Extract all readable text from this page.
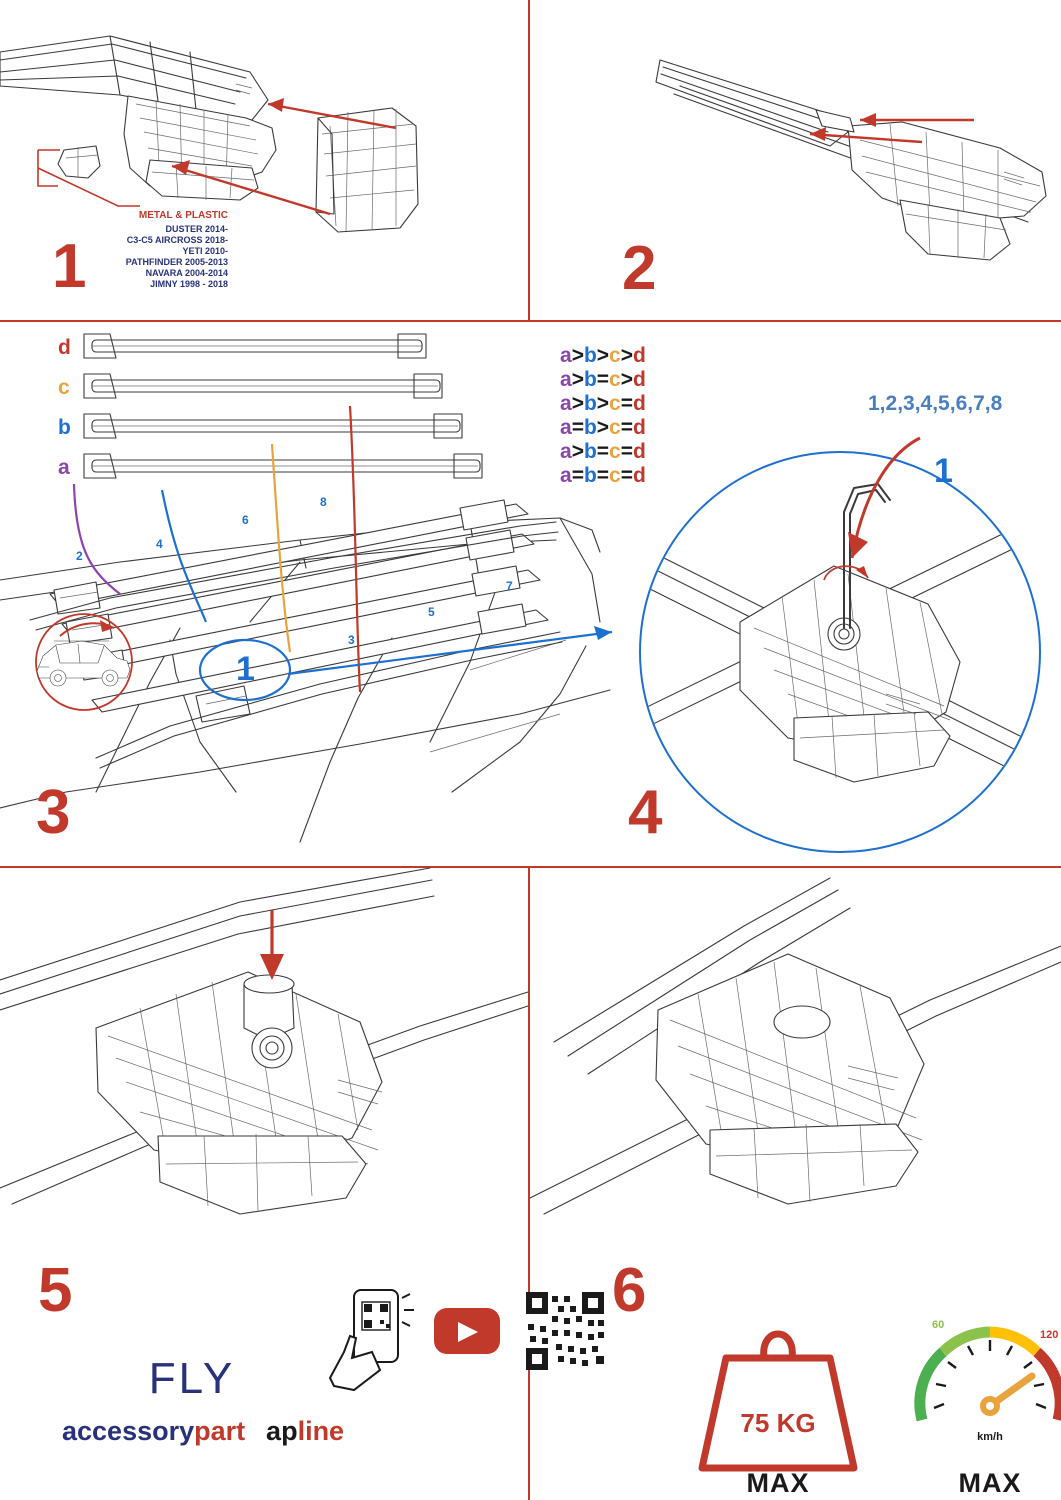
METAL & PLASTIC
DUSTER 2014-
C3-C5 AIRCROSS 2018-
YETI 2010-
PATHFINDER 2005-2013
NAVARA 2004-2014
JIMNY 1998 - 2018
1	2
d
c
b
a
2
4
6
8
7
5
3
1
a>b>c>d
a>b=c>d
a>b>c=d
a=b>c=d
a>b=c=d
a=b=c=d
3
1
1,2,3,4,5,6,7,8
4
5
FLY
accessorypart apline
6
75 KG
MAX
60
120
km/h
MAX
